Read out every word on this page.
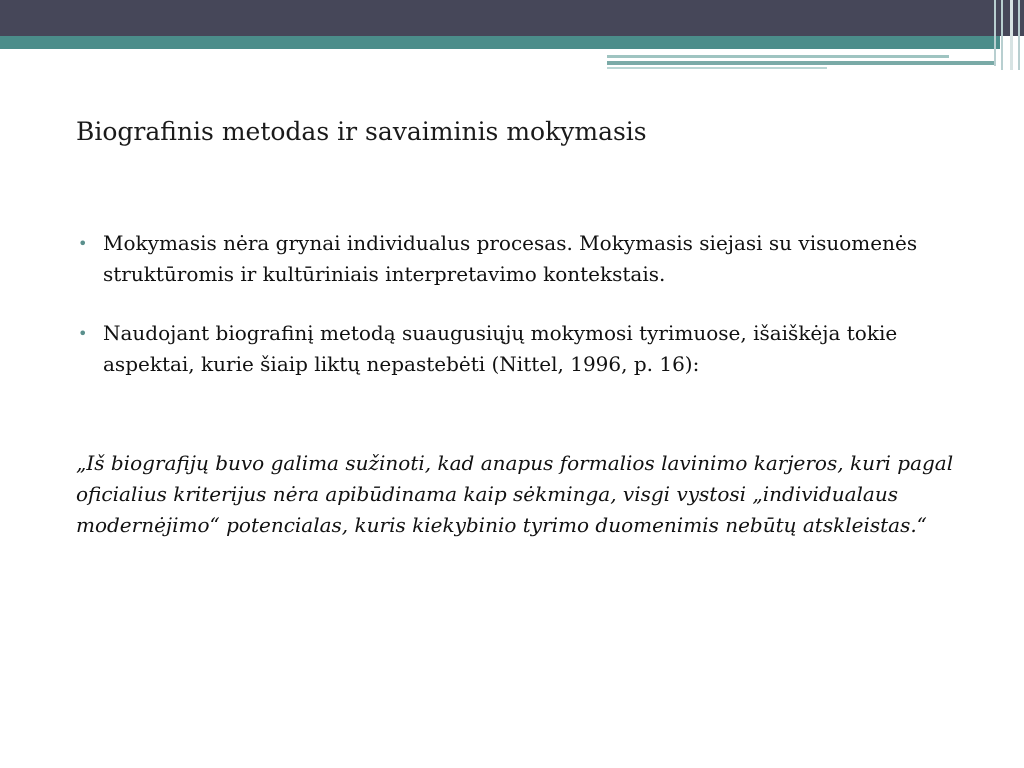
Biografinis metodas ir savaiminis mokymasis
• Mokymasis nėra grynai individualus procesas. Mokymasis siejasi su visuomenės struktūromis ir kultūriniais interpretavimo kontekstais.
• Naudojant biografinį metodą suaugusiųjų mokymosi tyrimuose, išaiškėja tokie aspektai, kurie šiaip liktų nepastebėti (Nittel, 1996, p. 16):

„Iš biografijų buvo galima sužinoti, kad anapus formalios lavinimo karjeros, kuri pagal oficialius kriterijus nėra apibūdinama kaip sėkminga, visgi vystosi „individualaus modernėjimo“ potencialas, kuris kiekybinio tyrimo duomenimis nebūtų atskleistas.“
